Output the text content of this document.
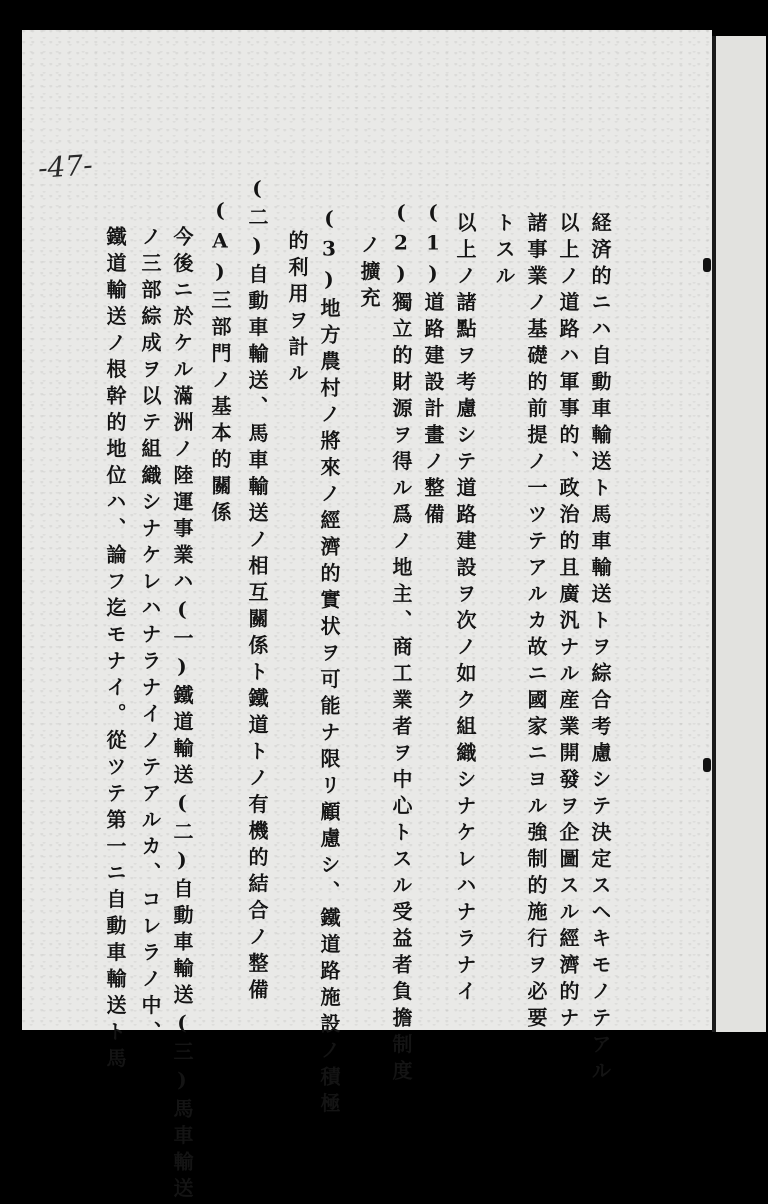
-47-
経済的ニハ自動車輸送ト馬車輸送トヲ綜合考慮シテ決定スヘキモノテアル
以上ノ道路ハ軍事的、政治的且廣汎ナル産業開發ヲ企圖スル經濟的ナ
諸事業ノ基礎的前提ノ一ツテアルカ故ニ國家ニヨル強制的施行ヲ必要
トスル
以上ノ諸點ヲ考慮シテ道路建設ヲ次ノ如ク組織シナケレハナラナイ
(1)道路建設計畫ノ整備
(2)獨立的財源ヲ得ル爲ノ地主、商工業者ヲ中心トスル受益者負擔制度
ノ擴充
(3)地方農村ノ將來ノ經濟的實状ヲ可能ナ限リ顧慮シ、鐵道路施設ノ積極
的利用ヲ計ル
(二)自動車輸送、馬車輸送ノ相互關係ト鐵道トノ有機的結合ノ整備
(A)三部門ノ基本的關係
今後ニ於ケル滿洲ノ陸運事業ハ(一)鐵道輸送(二)自動車輸送(三)馬車輸送
ノ三部綜成ヲ以テ組織シナケレハナラナイノテアルカ、コレラノ中、
鐵道輸送ノ根幹的地位ハ、論フ迄モナイ。從ツテ第一ニ自動車輸送ト馬
